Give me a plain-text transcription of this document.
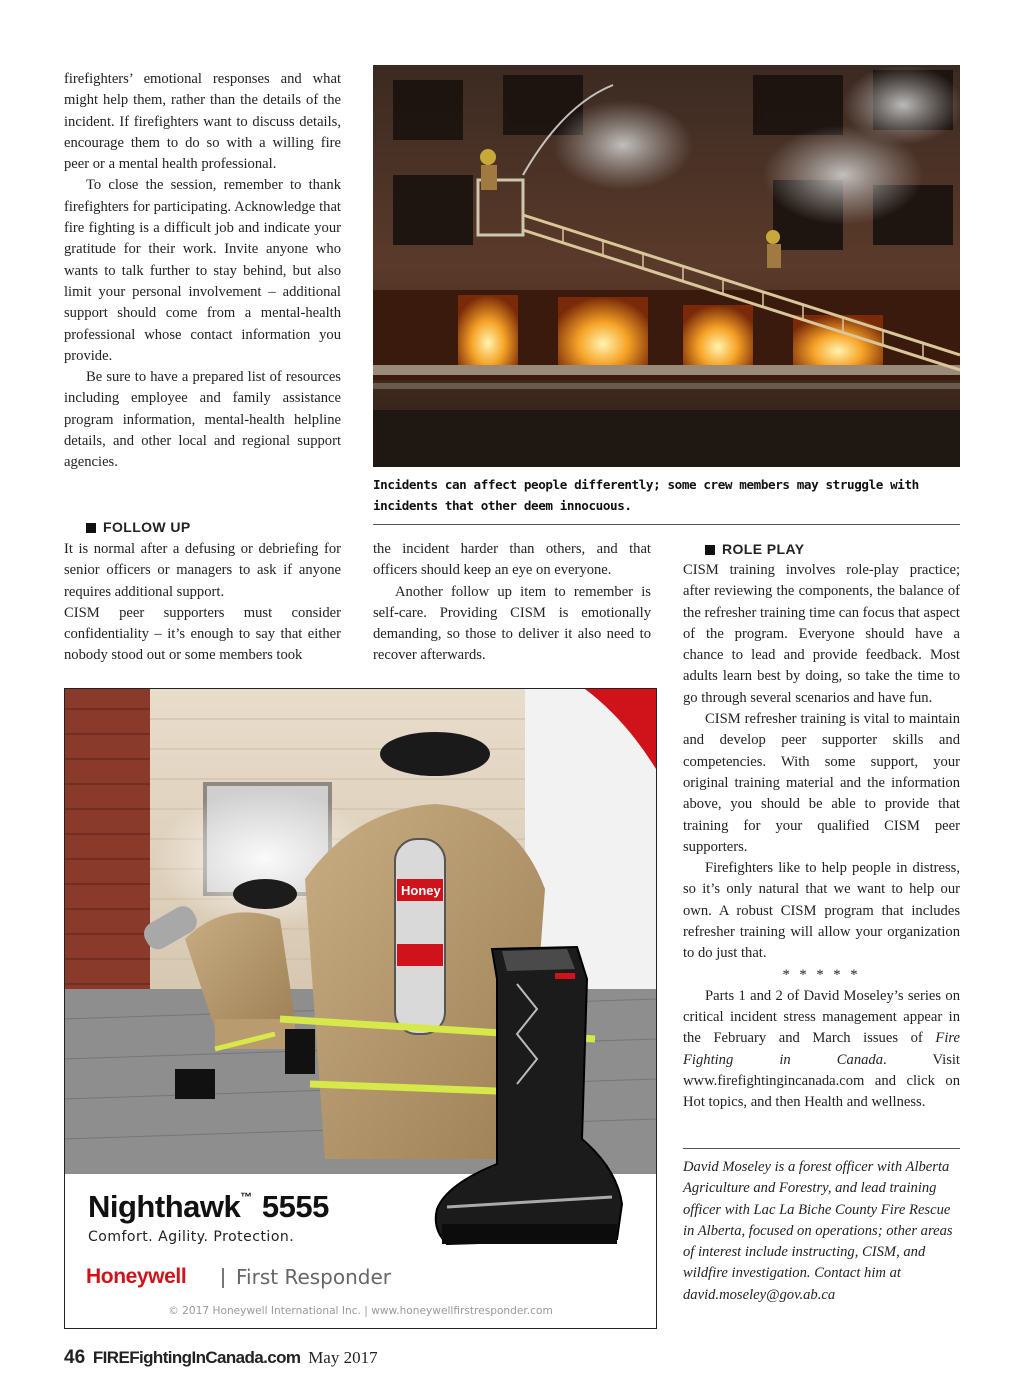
firefighters’ emotional responses and what might help them, rather than the details of the incident. If firefighters want to discuss details, encourage them to do so with a willing fire peer or a mental health professional.

To close the session, remember to thank firefighters for participating. Acknowledge that fire fighting is a difficult job and indicate your gratitude for their work. Invite anyone who wants to talk further to stay behind, but also limit your personal involvement – additional support should come from a mental-health professional whose contact information you provide.

Be sure to have a prepared list of resources including employee and family assistance program information, mental-health helpline details, and other local and regional support agencies.

Incidents can affect people differently; some crew members may struggle with incidents that other deem innocuous.

FOLLOW UP

It is normal after a defusing or debriefing for senior officers or managers to ask if anyone requires additional support.

CISM peer supporters must consider confidentiality – it’s enough to say that either nobody stood out or some members took

the incident harder than others, and that officers should keep an eye on everyone.

Another follow up item to remember is self-care. Providing CISM is emotionally demanding, so those to deliver it also need to recover afterwards.

ROLE PLAY

CISM training involves role-play practice; after reviewing the components, the balance of the refresher training time can focus that aspect of the program. Everyone should have a chance to lead and provide feedback. Most adults learn best by doing, so take the time to go through several scenarios and have fun.

CISM refresher training is vital to maintain and develop peer supporter skills and competencies. With some support, your original training material and the information above, you should be able to provide that training for your qualified CISM peer supporters.

Firefighters like to help people in distress, so it’s only natural that we want to help our own. A robust CISM program that includes refresher training will allow your organization to do just that.

* * * * *

Parts 1 and 2 of David Moseley’s series on critical incident stress management appear in the February and March issues of Fire Fighting in Canada. Visit www.firefightingincanada.com and click on Hot topics, and then Health and wellness.

David Moseley is a forest officer with Alberta Agriculture and Forestry, and lead training officer with Lac La Biche County Fire Rescue in Alberta, focused on operations; other areas of interest include instructing, CISM, and wildfire investigation. Contact him at david.moseley@gov.ab.ca
Honey
Nighthawk™ 5555
Comfort. Agility. Protection.
Honeywell First Responder
© 2017 Honeywell International Inc. | www.honeywellfirstresponder.com
46 FIREFightingInCanada.com May 2017
